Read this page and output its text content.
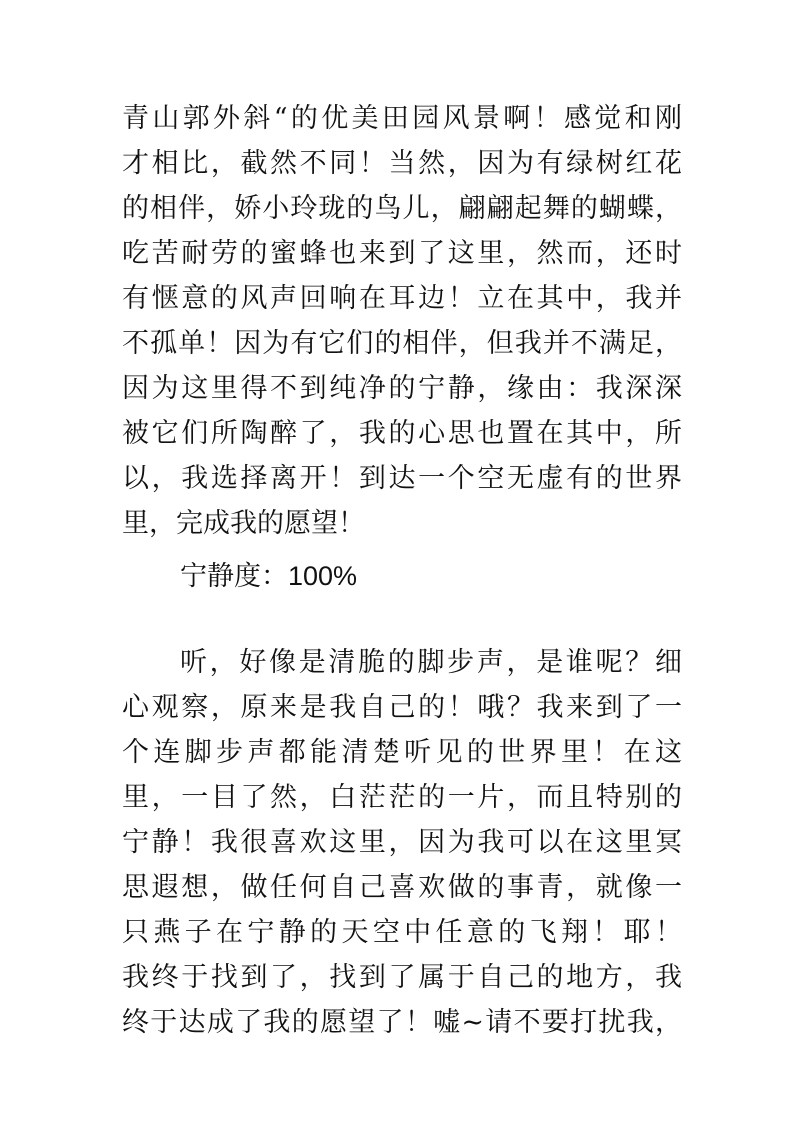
青山郭外斜“的优美田园风景啊！感觉和刚
才相比，截然不同！当然，因为有绿树红花
的相伴，娇小玲珑的鸟儿，翩翩起舞的蝴蝶，
吃苦耐劳的蜜蜂也来到了这里，然而，还时
有惬意的风声回响在耳边！立在其中，我并
不孤单！因为有它们的相伴，但我并不满足，
因为这里得不到纯净的宁静，缘由：我深深
被它们所陶醉了，我的心思也置在其中，所
以，我选择离开！到达一个空无虚有的世界
里，完成我的愿望！
宁静度：100%
听，好像是清脆的脚步声，是谁呢？细
心观察，原来是我自己的！哦？我来到了一
个连脚步声都能清楚听见的世界里！在这
里，一目了然，白茫茫的一片，而且特别的
宁静！我很喜欢这里，因为我可以在这里冥
思遐想，做任何自己喜欢做的事青，就像一
只燕子在宁静的天空中任意的飞翔！耶！
我终于找到了，找到了属于自己的地方，我
终于达成了我的愿望了！嘘~请不要打扰我，
